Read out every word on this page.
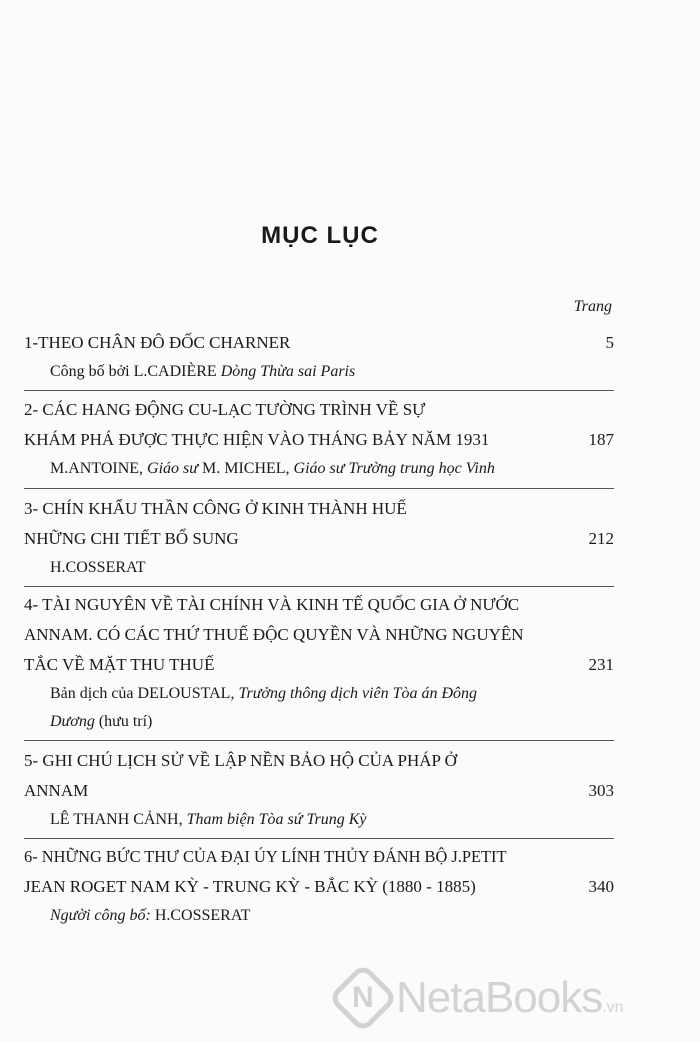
MỤC LỤC
Trang
1-THEO CHÂN ĐÔ ĐỐC CHARNER	5
Công bố bởi L.CADIÈRE Dòng Thừa sai Paris
2- CÁC HANG ĐỘNG CU-LẠC TƯỜNG TRÌNH VỀ SỰ
KHÁM PHÁ ĐƯỢC THỰC HIỆN VÀO THÁNG BẢY NĂM 1931	187
M.ANTOINE, Giáo sư M. MICHEL, Giáo sư Trường trung học Vinh
3- CHÍN KHẨU THẦN CÔNG Ở KINH THÀNH HUẾ
NHỮNG CHI TIẾT BỔ SUNG	212
H.COSSERAT
4- TÀI NGUYÊN VỀ TÀI CHÍNH VÀ KINH TẾ QUỐC GIA Ở NƯỚC
ANNAM. CÓ CÁC THỨ THUẾ ĐỘC QUYỀN VÀ NHỮNG NGUYÊN
TẮC VỀ MẶT THU THUẾ	231
Bản dịch của DELOUSTAL, Trưởng thông dịch viên Tòa án Đông
Dương (hưu trí)
5- GHI CHÚ LỊCH SỬ VỀ LẬP NỀN BẢO HỘ CỦA PHÁP Ở
ANNAM	303
LÊ THANH CẢNH, Tham biện Tòa sứ Trung Kỳ
6- NHỮNG BỨC THƯ CỦA ĐẠI ÚY LÍNH THỦY ĐÁNH BỘ J.PETIT
JEAN ROGET NAM KỲ - TRUNG KỲ - BẮC KỲ (1880 - 1885)	340
Người công bố: H.COSSERAT
N NetaBooks.vn
